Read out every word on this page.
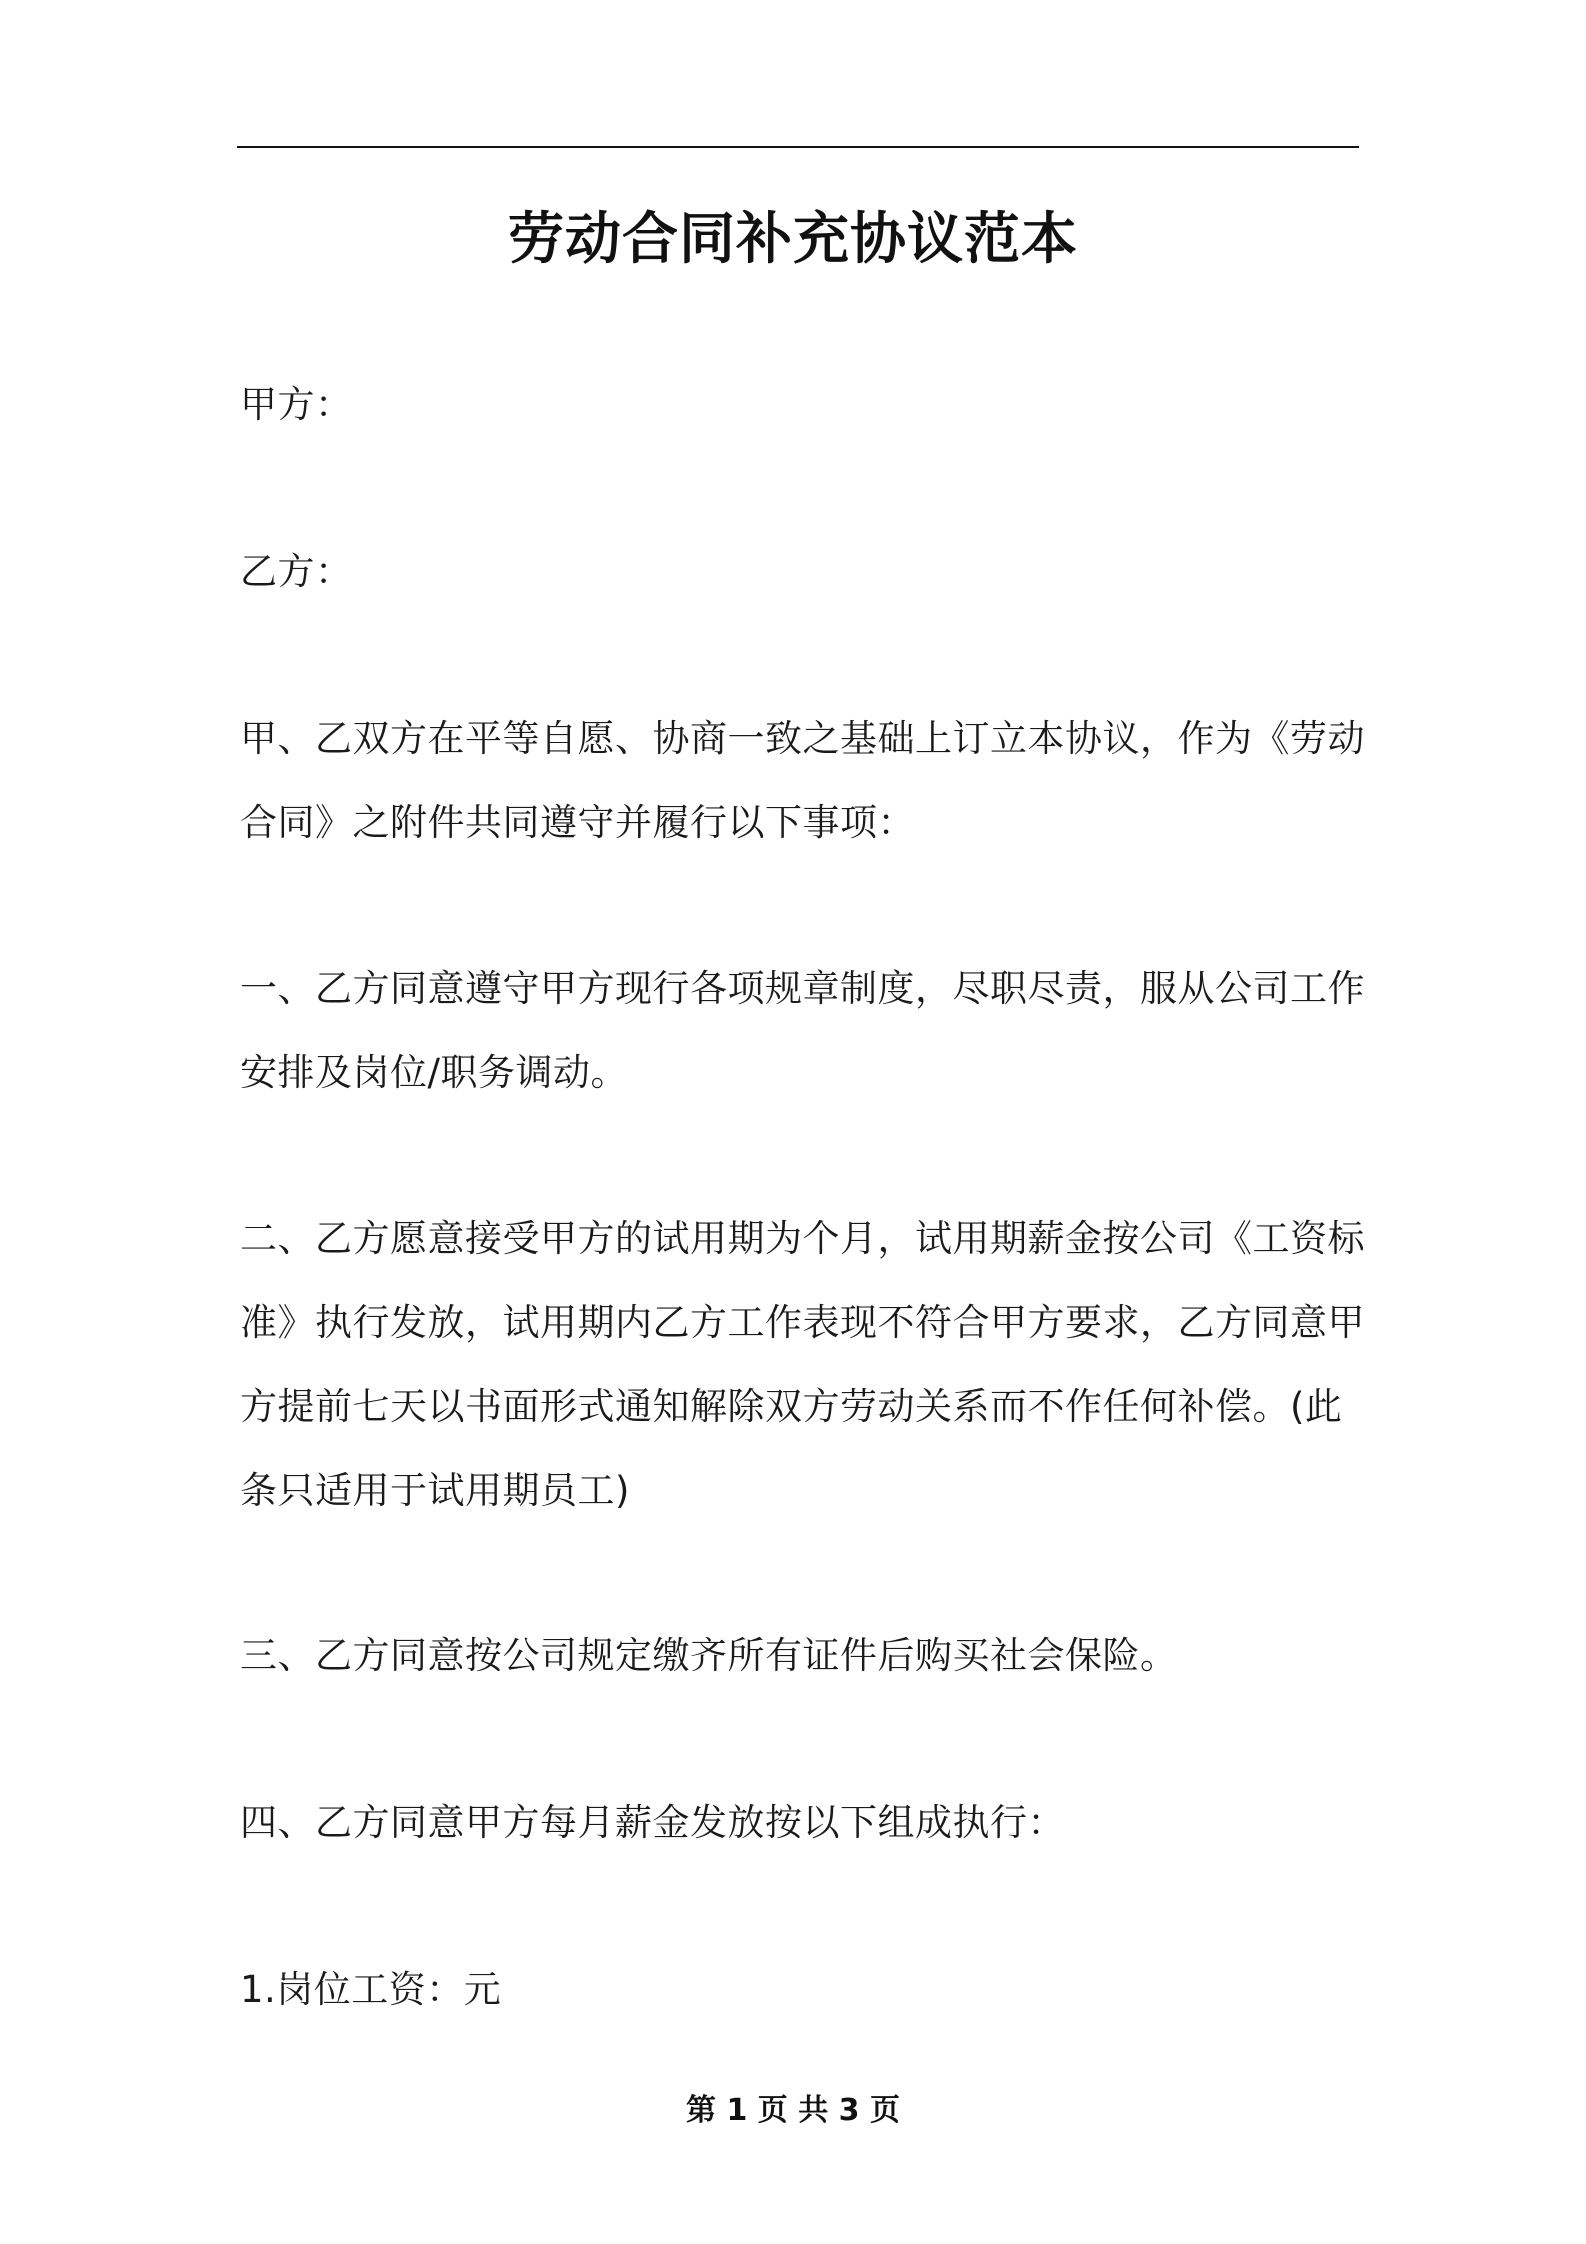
劳动合同补充协议范本

甲方：

乙方：

甲、乙双方在平等自愿、协商一致之基础上订立本协议，作为《劳动合同》之附件共同遵守并履行以下事项：

一、乙方同意遵守甲方现行各项规章制度，尽职尽责，服从公司工作安排及岗位/职务调动。

二、乙方愿意接受甲方的试用期为个月，试用期薪金按公司《工资标准》执行发放，试用期内乙方工作表现不符合甲方要求，乙方同意甲方提前七天以书面形式通知解除双方劳动关系而不作任何补偿。(此条只适用于试用期员工)

三、乙方同意按公司规定缴齐所有证件后购买社会保险。

四、乙方同意甲方每月薪金发放按以下组成执行：

1.岗位工资：元

第 1 页 共 3 页
